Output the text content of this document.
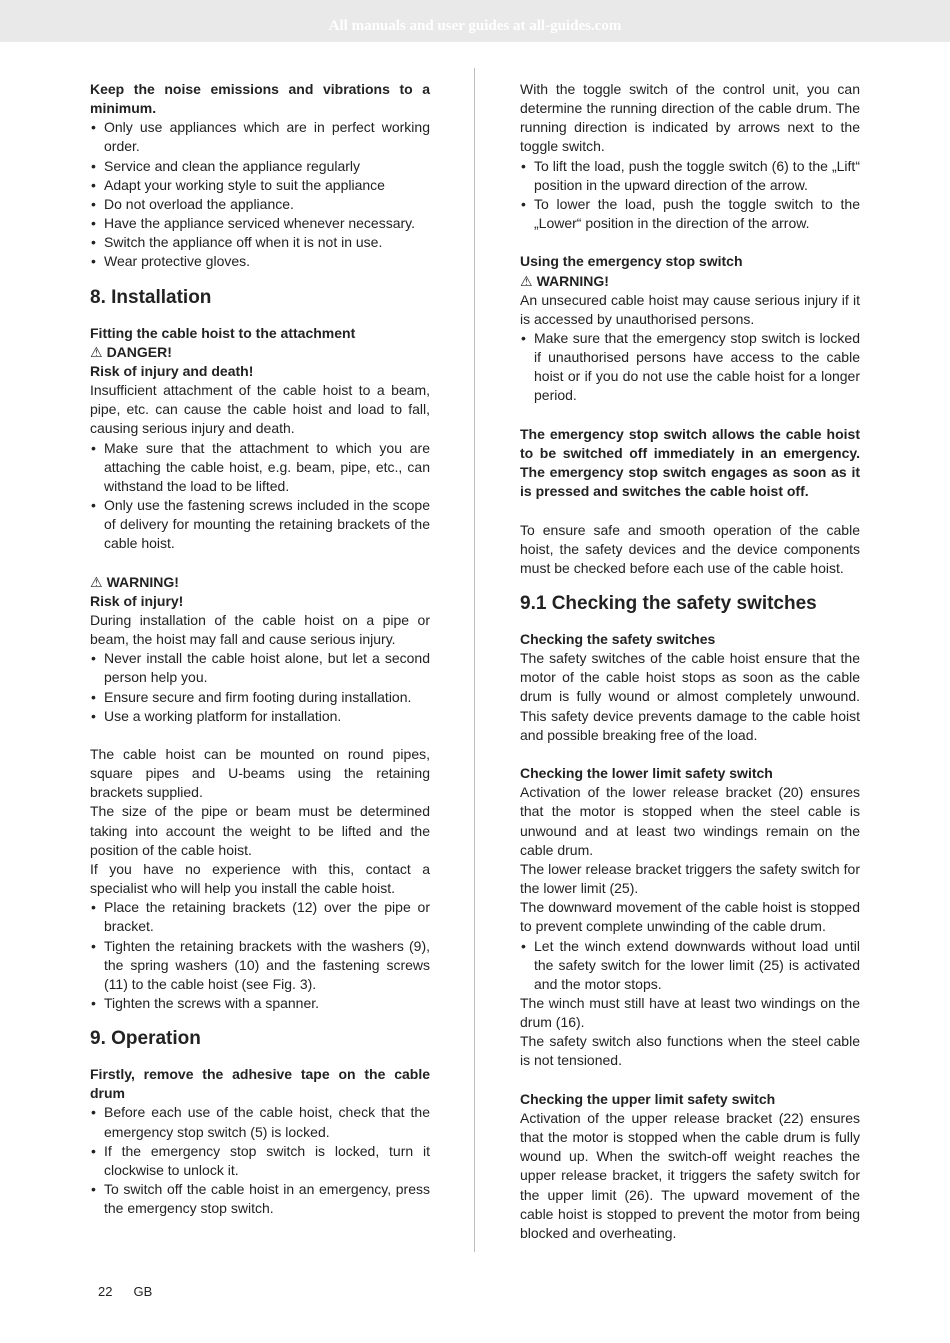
All manuals and user guides at all-guides.com

Keep the noise emissions and vibrations to a minimum.

• Only use appliances which are in perfect working order.
• Service and clean the appliance regularly
• Adapt your working style to suit the appliance
• Do not overload the appliance.
• Have the appliance serviced whenever necessary.
• Switch the appliance off when it is not in use.
• Wear protective gloves.
8. Installation

Fitting the cable hoist to the attachment

⚠ DANGER!

Risk of injury and death!

Insufficient attachment of the cable hoist to a beam, pipe, etc. can cause the cable hoist and load to fall, causing serious injury and death.

• Make sure that the attachment to which you are attaching the cable hoist, e.g. beam, pipe, etc., can withstand the load to be lifted.
• Only use the fastening screws included in the scope of delivery for mounting the retaining brackets of the cable hoist.

⚠ WARNING!

Risk of injury!

During installation of the cable hoist on a pipe or beam, the hoist may fall and cause serious injury.

• Never install the cable hoist alone, but let a second person help you.
• Ensure secure and firm footing during installation.
• Use a working platform for installation.

The cable hoist can be mounted on round pipes, square pipes and U-beams using the retaining brackets supplied.

The size of the pipe or beam must be determined taking into account the weight to be lifted and the position of the cable hoist.

If you have no experience with this, contact a specialist who will help you install the cable hoist.

• Place the retaining brackets (12) over the pipe or bracket.
• Tighten the retaining brackets with the washers (9), the spring washers (10) and the fastening screws (11) to the cable hoist (see Fig. 3).
• Tighten the screws with a spanner.
9. Operation

Firstly, remove the adhesive tape on the cable drum

• Before each use of the cable hoist, check that the emergency stop switch (5) is locked.
• If the emergency stop switch is locked, turn it clockwise to unlock it.
• To switch off the cable hoist in an emergency, press the emergency stop switch.

With the toggle switch of the control unit, you can determine the running direction of the cable drum. The running direction is indicated by arrows next to the toggle switch.

• To lift the load, push the toggle switch (6) to the „Lift“ position in the upward direction of the arrow.
• To lower the load, push the toggle switch to the „Lower“ position in the direction of the arrow.

Using the emergency stop switch

⚠ WARNING!

An unsecured cable hoist may cause serious injury if it is accessed by unauthorised persons.

• Make sure that the emergency stop switch is locked if unauthorised persons have access to the cable hoist or if you do not use the cable hoist for a longer period.

The emergency stop switch allows the cable hoist to be switched off immediately in an emergency. The emergency stop switch engages as soon as it is pressed and switches the cable hoist off.

To ensure safe and smooth operation of the cable hoist, the safety devices and the device components must be checked before each use of the cable hoist.

9.1 Checking the safety switches

Checking the safety switches

The safety switches of the cable hoist ensure that the motor of the cable hoist stops as soon as the cable drum is fully wound or almost completely unwound. This safety device prevents damage to the cable hoist and possible breaking free of the load.

Checking the lower limit safety switch

Activation of the lower release bracket (20) ensures that the motor is stopped when the steel cable is unwound and at least two windings remain on the cable drum.

The lower release bracket triggers the safety switch for the lower limit (25).

The downward movement of the cable hoist is stopped to prevent complete unwinding of the cable drum.

• Let the winch extend downwards without load until the safety switch for the lower limit (25) is activated and the motor stops.

The winch must still have at least two windings on the drum (16).

The safety switch also functions when the steel cable is not tensioned.

Checking the upper limit safety switch

Activation of the upper release bracket (22) ensures that the motor is stopped when the cable drum is fully wound up. When the switch-off weight reaches the upper release bracket, it triggers the safety switch for the upper limit (26). The upward movement of the cable hoist is stopped to prevent the motor from being blocked and overheating.

22 GB
